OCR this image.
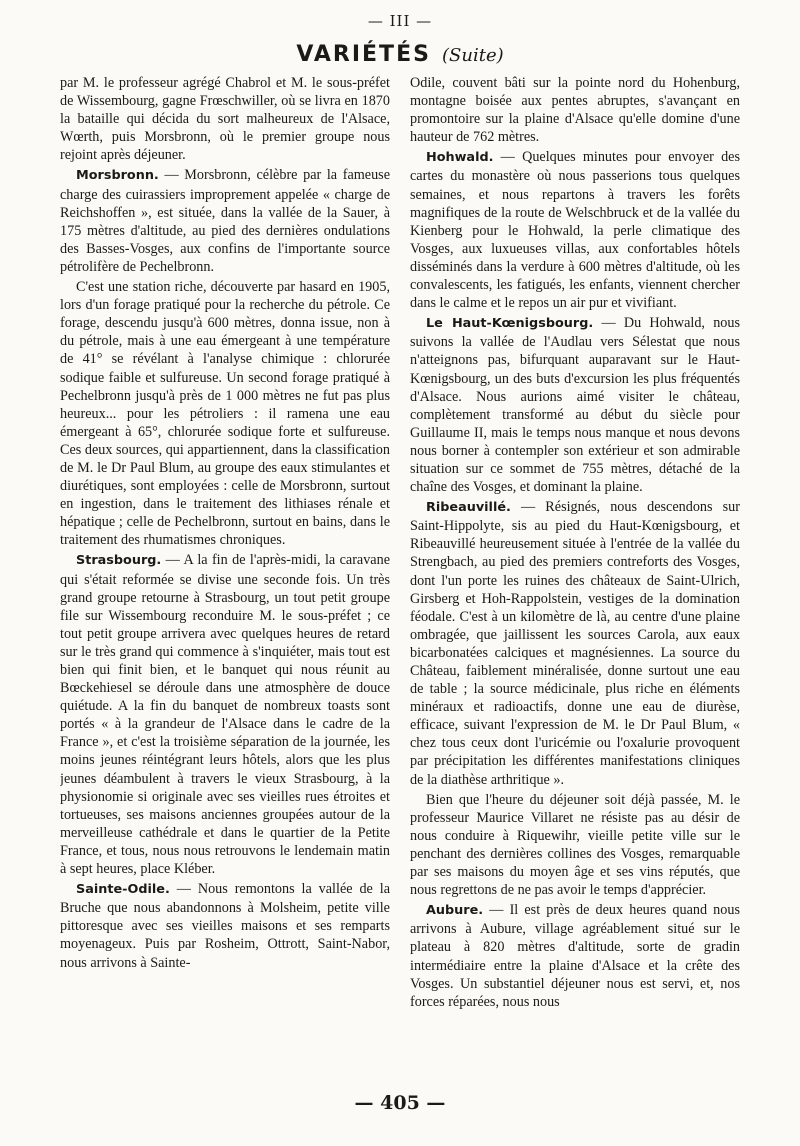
— III —
VARIÉTÉS (Suite)

par M. le professeur agrégé Chabrol et M. le sous-préfet de Wissembourg, gagne Frœschwiller, où se livra en 1870 la bataille qui décida du sort malheureux de l'Alsace, Wœrth, puis Morsbronn, où le premier groupe nous rejoint après déjeuner.

Morsbronn. — Morsbronn, célèbre par la fameuse charge des cuirassiers improprement appelée « charge de Reichshoffen », est située, dans la vallée de la Sauer, à 175 mètres d'altitude, au pied des dernières ondulations des Basses-Vosges, aux confins de l'importante source pétrolifère de Pechelbronn.

C'est une station riche, découverte par hasard en 1905, lors d'un forage pratiqué pour la recherche du pétrole. Ce forage, descendu jusqu'à 600 mètres, donna issue, non à du pétrole, mais à une eau émergeant à une température de 41° se révélant à l'analyse chimique : chlorurée sodique faible et sulfureuse. Un second forage pratiqué à Pechelbronn jusqu'à près de 1 000 mètres ne fut pas plus heureux... pour les pétroliers : il ramena une eau émergeant à 65°, chlorurée sodique forte et sulfureuse. Ces deux sources, qui appartiennent, dans la classification de M. le Dr Paul Blum, au groupe des eaux stimulantes et diurétiques, sont employées : celle de Morsbronn, surtout en ingestion, dans le traitement des lithiases rénale et hépatique ; celle de Pechelbronn, surtout en bains, dans le traitement des rhumatismes chroniques.

Strasbourg. — A la fin de l'après-midi, la caravane qui s'était reformée se divise une seconde fois. Un très grand groupe retourne à Strasbourg, un tout petit groupe file sur Wissembourg reconduire M. le sous-préfet ; ce tout petit groupe arrivera avec quelques heures de retard sur le très grand qui commence à s'inquiéter, mais tout est bien qui finit bien, et le banquet qui nous réunit au Bœckehiesel se déroule dans une atmosphère de douce quiétude. A la fin du banquet de nombreux toasts sont portés « à la grandeur de l'Alsace dans le cadre de la France », et c'est la troisième séparation de la journée, les moins jeunes réintégrant leurs hôtels, alors que les plus jeunes déambulent à travers le vieux Strasbourg, à la physionomie si originale avec ses vieilles rues étroites et tortueuses, ses maisons anciennes groupées autour de la merveilleuse cathédrale et dans le quartier de la Petite France, et tous, nous nous retrouvons le lendemain matin à sept heures, place Kléber.

Sainte-Odile. — Nous remontons la vallée de la Bruche que nous abandonnons à Molsheim, petite ville pittoresque avec ses vieilles maisons et ses remparts moyenageux. Puis par Rosheim, Ottrott, Saint-Nabor, nous arrivons à Sainte-

Odile, couvent bâti sur la pointe nord du Hohenburg, montagne boisée aux pentes abruptes, s'avançant en promontoire sur la plaine d'Alsace qu'elle domine d'une hauteur de 762 mètres.

Hohwald. — Quelques minutes pour envoyer des cartes du monastère où nous passerions tous quelques semaines, et nous repartons à travers les forêts magnifiques de la route de Welschbruck et de la vallée du Kienberg pour le Hohwald, la perle climatique des Vosges, aux luxueuses villas, aux confortables hôtels disséminés dans la verdure à 600 mètres d'altitude, où les convalescents, les fatigués, les enfants, viennent chercher dans le calme et le repos un air pur et vivifiant.

Le Haut-Kœnigsbourg. — Du Hohwald, nous suivons la vallée de l'Audlau vers Sélestat que nous n'atteignons pas, bifurquant auparavant sur le Haut-Kœnigsbourg, un des buts d'excursion les plus fréquentés d'Alsace. Nous aurions aimé visiter le château, complètement transformé au début du siècle pour Guillaume II, mais le temps nous manque et nous devons nous borner à contempler son extérieur et son admirable situation sur ce sommet de 755 mètres, détaché de la chaîne des Vosges, et dominant la plaine.

Ribeauvillé. — Résignés, nous descendons sur Saint-Hippolyte, sis au pied du Haut-Kœnigsbourg, et Ribeauvillé heureusement située à l'entrée de la vallée du Strengbach, au pied des premiers contreforts des Vosges, dont l'un porte les ruines des châteaux de Saint-Ulrich, Girsberg et Hoh-Rappolstein, vestiges de la domination féodale. C'est à un kilomètre de là, au centre d'une plaine ombragée, que jaillissent les sources Carola, aux eaux bicarbonatées calciques et magnésiennes. La source du Château, faiblement minéralisée, donne surtout une eau de table ; la source médicinale, plus riche en éléments minéraux et radioactifs, donne une eau de diurèse, efficace, suivant l'expression de M. le Dr Paul Blum, « chez tous ceux dont l'uricémie ou l'oxalurie provoquent par précipitation les différentes manifestations cliniques de la diathèse arthritique ».

Bien que l'heure du déjeuner soit déjà passée, M. le professeur Maurice Villaret ne résiste pas au désir de nous conduire à Riquewihr, vieille petite ville sur le penchant des dernières collines des Vosges, remarquable par ses maisons du moyen âge et ses vins réputés, que nous regrettons de ne pas avoir le temps d'apprécier.

Aubure. — Il est près de deux heures quand nous arrivons à Aubure, village agréablement situé sur le plateau à 820 mètres d'altitude, sorte de gradin intermédiaire entre la plaine d'Alsace et la crête des Vosges. Un substantiel déjeuner nous est servi, et, nos forces réparées, nous nous

— 405 —
